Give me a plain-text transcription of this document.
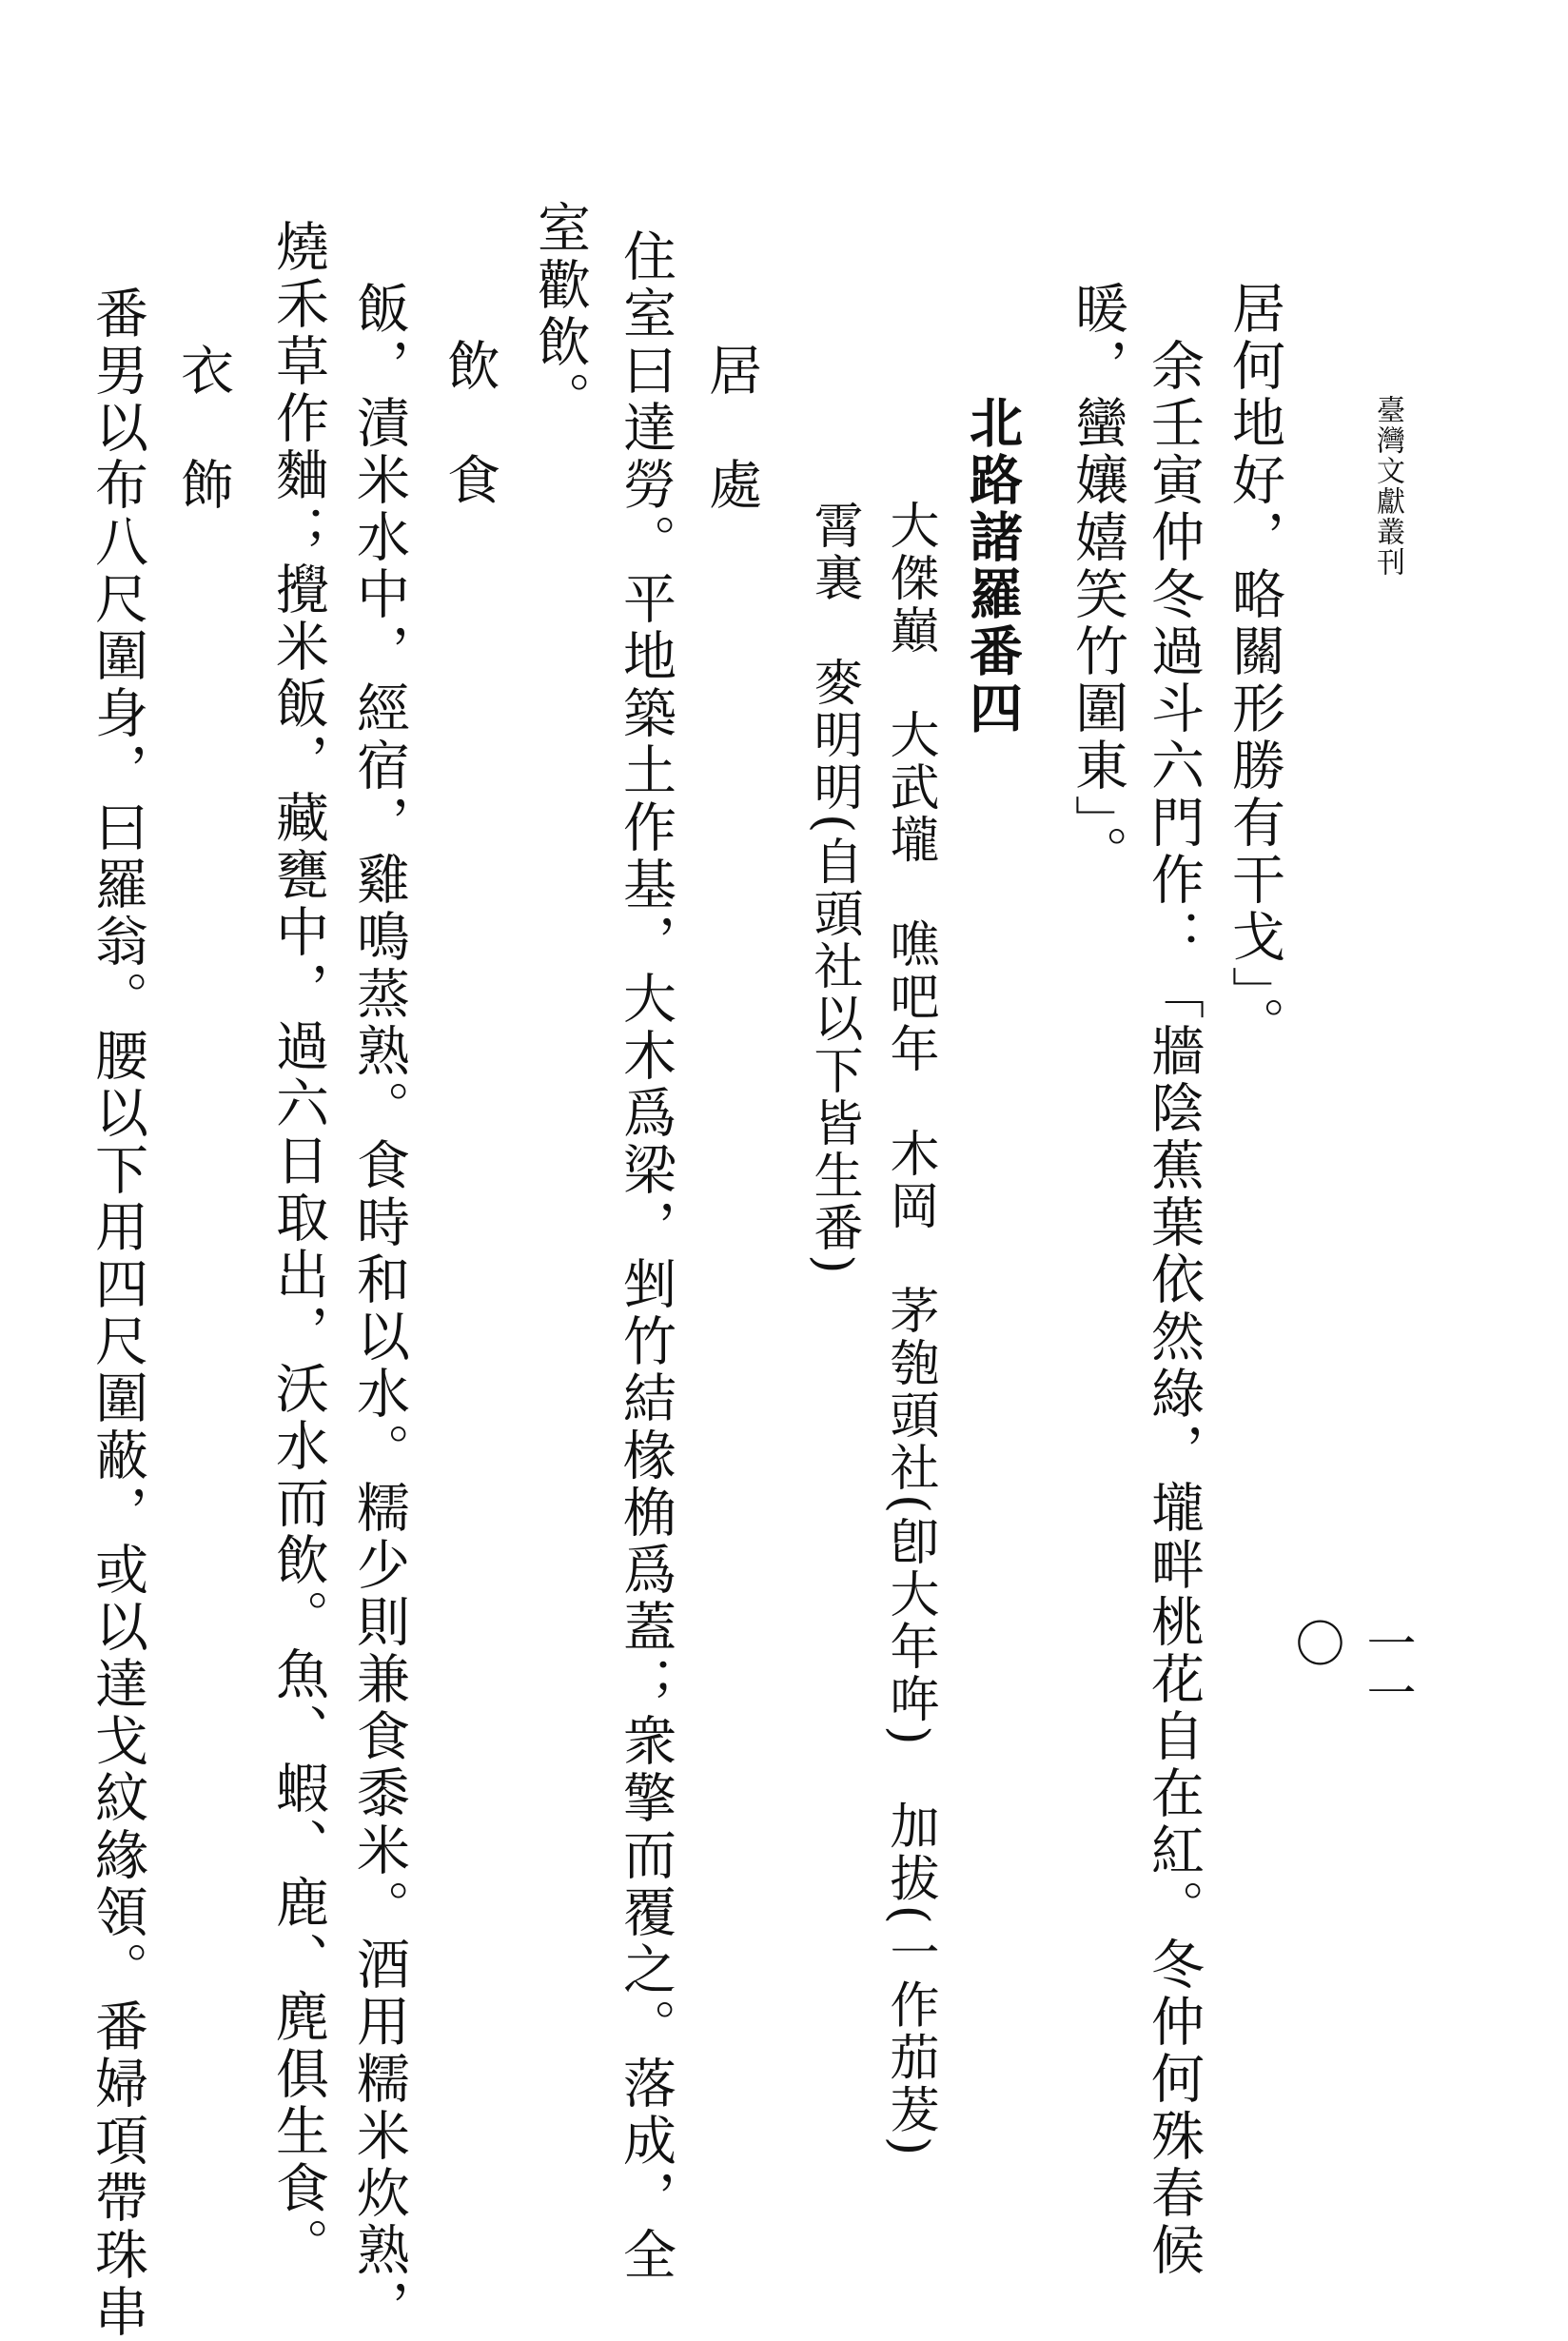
臺灣文獻叢刊
一一〇
居何地好，略關形勝有干戈」。
　余壬寅仲冬過斗六門作：「牆陰蕉葉依然綠，壠畔桃花自在紅。冬仲何殊春候
暖，蠻孃嬉笑竹圍東」。
　北路諸羅番四
　大傑巔　大武壠　噍吧年　木岡　茅匏頭社(卽大年哖)　加拔(一作茄茇)
　霄裏　麥明明(自頭社以下皆生番)
　居　處
住室曰達勞。平地築土作基，大木爲梁，剉竹結椽桷爲蓋；衆擎而覆之。落成，全
室歡飲。
　飲　食
飯，漬米水中，經宿，雞鳴蒸熟。食時和以水。糯少則兼食黍米。酒用糯米炊熟，
燒禾草作麯；攪米飯，藏甕中，過六日取出，沃水而飲。魚、蝦、鹿、麂俱生食。
　衣　飾
番男以布八尺圍身，曰羅翁。腰以下用四尺圍蔽，或以達戈紋緣領。番婦項帶珠串
